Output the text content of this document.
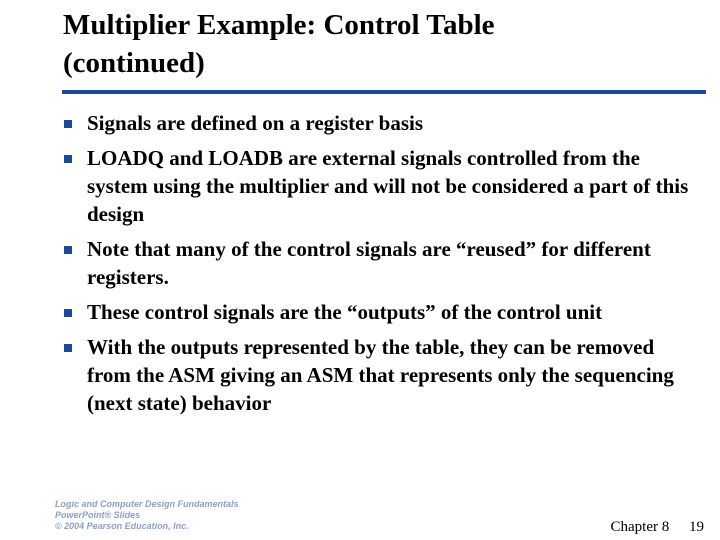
Multiplier Example: Control Table
(continued)
Signals are defined on a register basis
LOADQ and LOADB are external signals controlled from the system using the multiplier and will not be considered a part of this design
Note that many of the control signals are “reused” for different registers.
These control signals are the “outputs” of the control unit
With the outputs represented by the table, they can be removed from the ASM giving an ASM that represents only the sequencing (next state) behavior
Logic and Computer Design Fundamentals
PowerPoint® Slides
© 2004 Pearson Education, Inc.	Chapter 8 19
